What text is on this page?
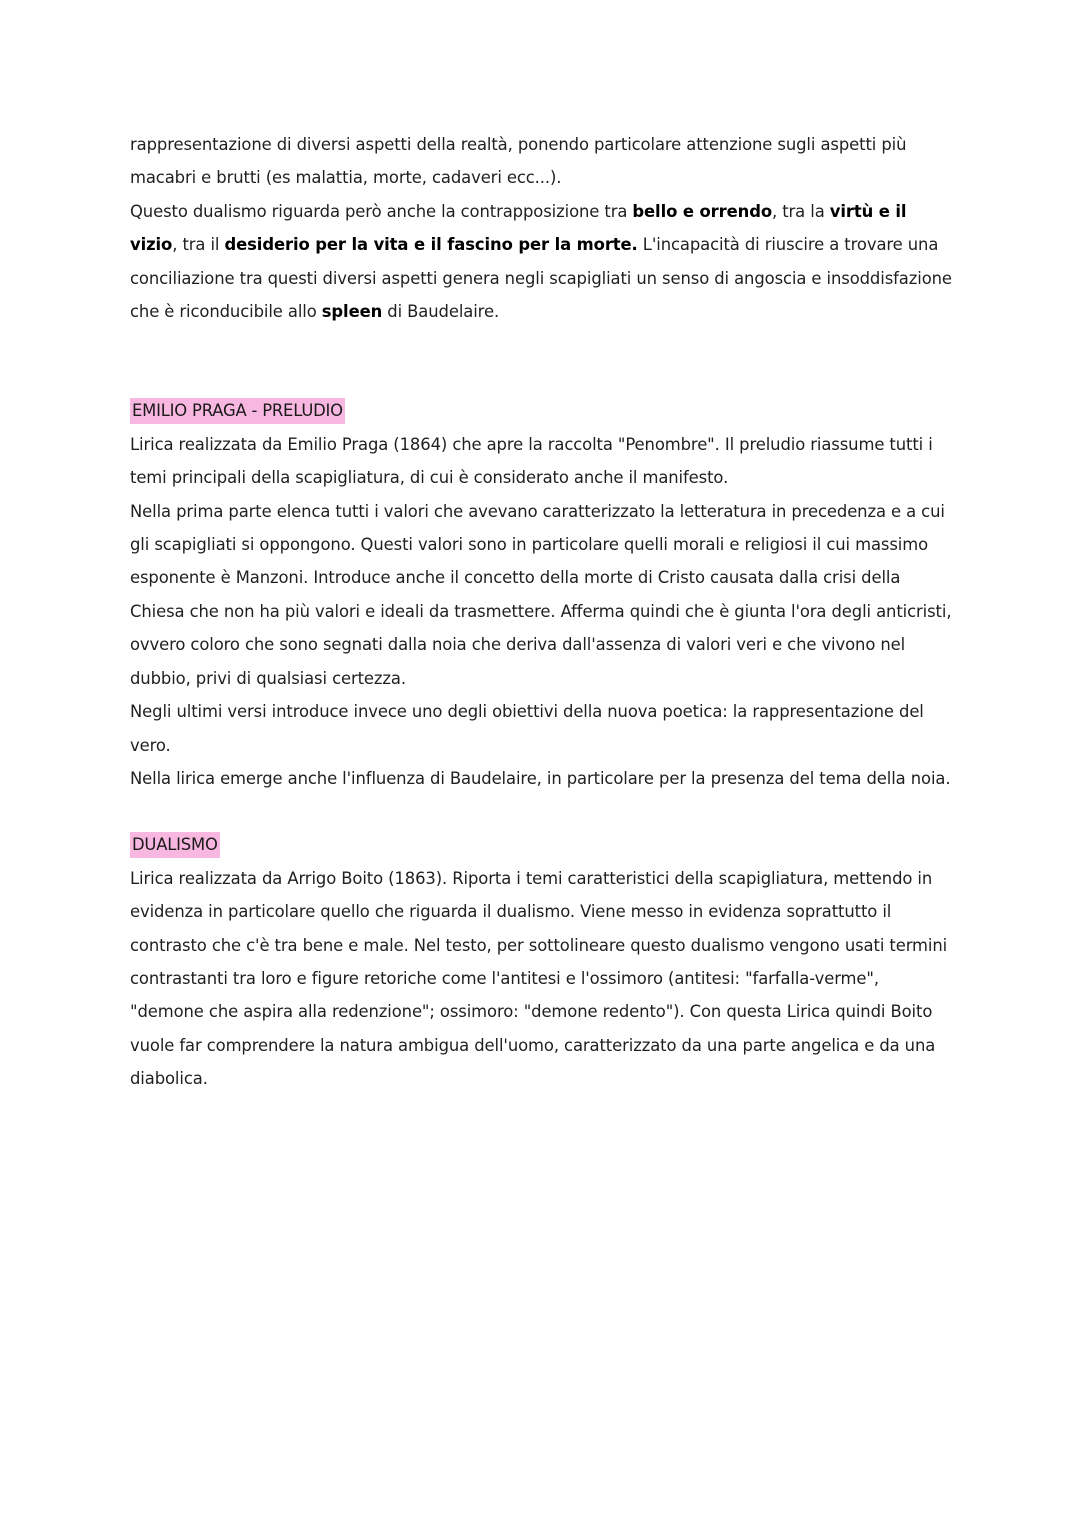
rappresentazione di diversi aspetti della realtà, ponendo particolare attenzione sugli aspetti più macabri e brutti (es malattia, morte, cadaveri ecc...).

Questo dualismo riguarda però anche la contrapposizione tra bello e orrendo, tra la virtù e il vizio, tra il desiderio per la vita e il fascino per la morte. L'incapacità di riuscire a trovare una conciliazione tra questi diversi aspetti genera negli scapigliati un senso di angoscia e insoddisfazione che è riconducibile allo spleen di Baudelaire.

EMILIO PRAGA - PRELUDIO

Lirica realizzata da Emilio Praga (1864) che apre la raccolta "Penombre". Il preludio riassume tutti i temi principali della scapigliatura, di cui è considerato anche il manifesto.

Nella prima parte elenca tutti i valori che avevano caratterizzato la letteratura in precedenza e a cui gli scapigliati si oppongono. Questi valori sono in particolare quelli morali e religiosi il cui massimo esponente è Manzoni. Introduce anche il concetto della morte di Cristo causata dalla crisi della Chiesa che non ha più valori e ideali da trasmettere. Afferma quindi che è giunta l'ora degli anticristi, ovvero coloro che sono segnati dalla noia che deriva dall'assenza di valori veri e che vivono nel dubbio, privi di qualsiasi certezza.

Negli ultimi versi introduce invece uno degli obiettivi della nuova poetica: la rappresentazione del vero.

Nella lirica emerge anche l'influenza di Baudelaire, in particolare per la presenza del tema della noia.

DUALISMO

Lirica realizzata da Arrigo Boito (1863). Riporta i temi caratteristici della scapigliatura, mettendo in evidenza in particolare quello che riguarda il dualismo. Viene messo in evidenza soprattutto il contrasto che c'è tra bene e male. Nel testo, per sottolineare questo dualismo vengono usati termini contrastanti tra loro e figure retoriche come l'antitesi e l'ossimoro (antitesi: "farfalla-verme", "demone che aspira alla redenzione"; ossimoro: "demone redento"). Con questa Lirica quindi Boito vuole far comprendere la natura ambigua dell'uomo, caratterizzato da una parte angelica e da una diabolica.
